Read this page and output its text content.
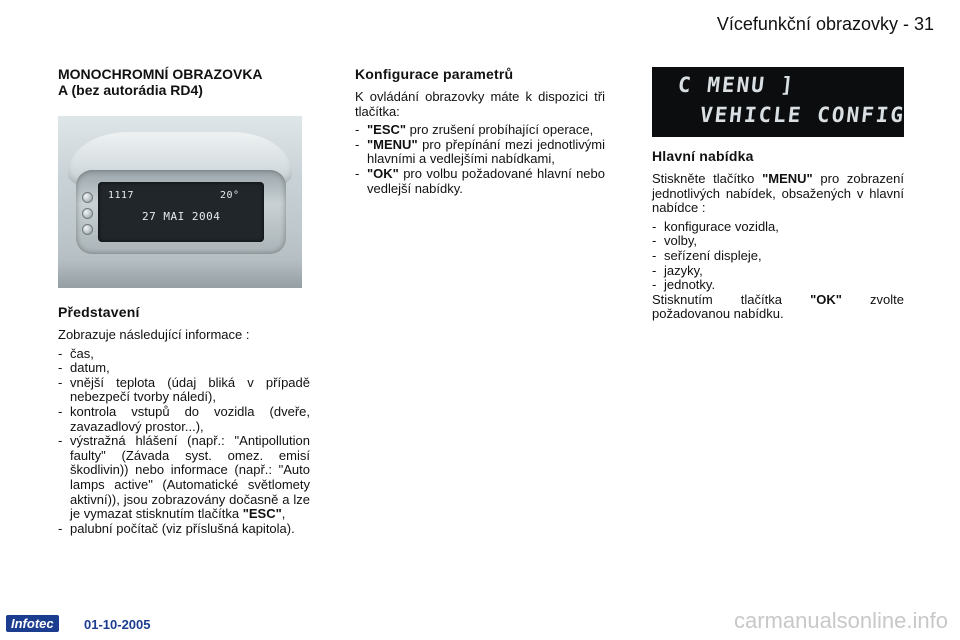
Vícefunkční obrazovky - 31
MONOCHROMNÍ OBRAZOVKA
A (bez autorádia RD4)
1117	20°
27 MAI 2004
Představení

Zobrazuje následující informace :

- čas,
- datum,
- vnější teplota (údaj bliká v případě nebezpečí tvorby náledí),
- kontrola vstupů do vozidla (dveře, zavazadlový prostor...),
- výstražná hlášení (např.: "Antipollution faulty" (Závada syst. omez. emisí škodlivin)) nebo informace (např.: "Auto lamps active" (Automatické světlomety aktivní)), jsou zobrazovány dočasně a lze je vymazat stisknutím tlačítka "ESC",
- palubní počítač (viz příslušná kapitola).
Konfigurace parametrů

K ovládání obrazovky máte k dispozici tři tlačítka:

- "ESC" pro zrušení probíhající operace,
- "MENU" pro přepínání mezi jednotlivými hlavními a vedlejšími nabídkami,
- "OK" pro volbu požadované hlavní nebo vedlejší nabídky.
C MENU ]
VEHICLE CONFIG
Hlavní nabídka

Stiskněte tlačítko "MENU" pro zobrazení jednotlivých nabídek, obsažených v hlavní nabídce :

- konfigurace vozidla,
- volby,
- seřízení displeje,
- jazyky,
- jednotky.

Stisknutím tlačítka "OK" zvolte požadovanou nabídku.

Infotec	01-10-2005	carmanualsonline.info
